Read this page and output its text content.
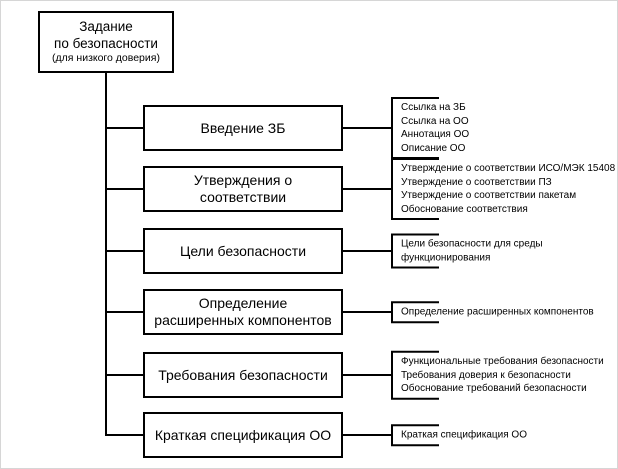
Задание
по безопасности
(для низкого доверия)
Введение ЗБ
Ссылка на ЗБ
Ссылка на ОО
Аннотация ОО
Описание ОО
Утверждения о соответствии
Утверждение о соответствии ИСО/МЭК 15408
Утверждение о соответствии ПЗ
Утверждение о соответствии пакетам
Обоснование соответствия
Цели безопасности	Цели безопасности для среды
функционирования
Определение расширенных компонентов
Определение расширенных компонентов
Требования безопасности
Функциональные требования безопасности
Требования доверия к безопасности
Обоснование требований безопасности
Краткая спецификация ОО	Краткая спецификация ОО
